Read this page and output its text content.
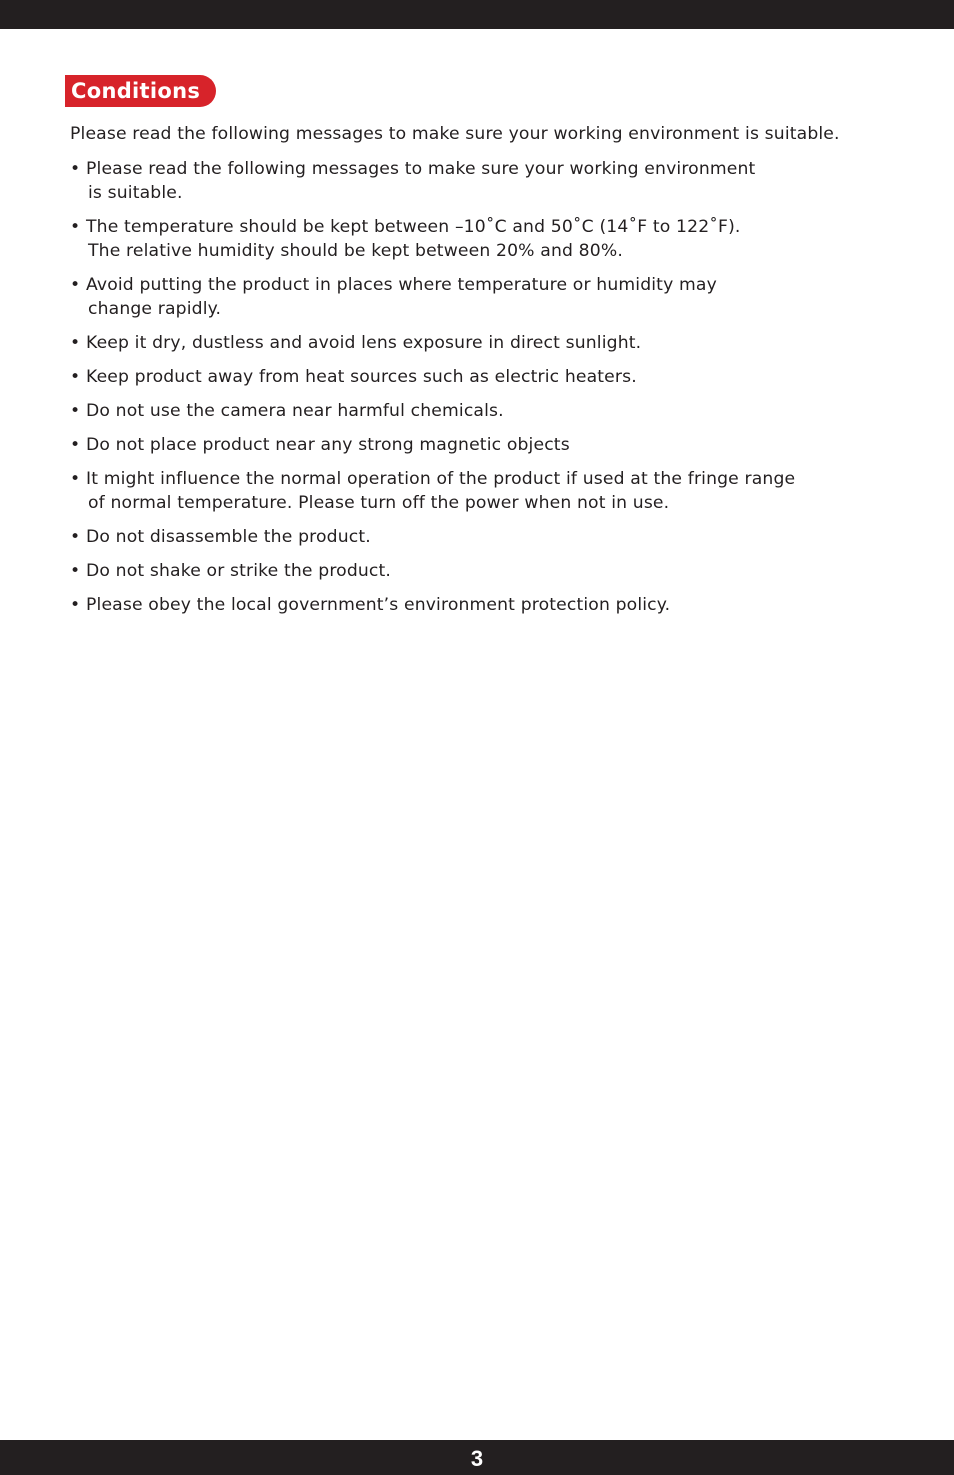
Conditions

Please read the following messages to make sure your working environment is suitable.

• Please read the following messages to make sure your working environment
is suitable.
• The temperature should be kept between –10˚C and 50˚C (14˚F to 122˚F).
The relative humidity should be kept between 20% and 80%.
• Avoid putting the product in places where temperature or humidity may
change rapidly.
• Keep it dry, dustless and avoid lens exposure in direct sunlight.
• Keep product away from heat sources such as electric heaters.
• Do not use the camera near harmful chemicals.
• Do not place product near any strong magnetic objects
• It might influence the normal operation of the product if used at the fringe range
of normal temperature. Please turn off the power when not in use.
• Do not disassemble the product.
• Do not shake or strike the product.
• Please obey the local government’s environment protection policy.
3
